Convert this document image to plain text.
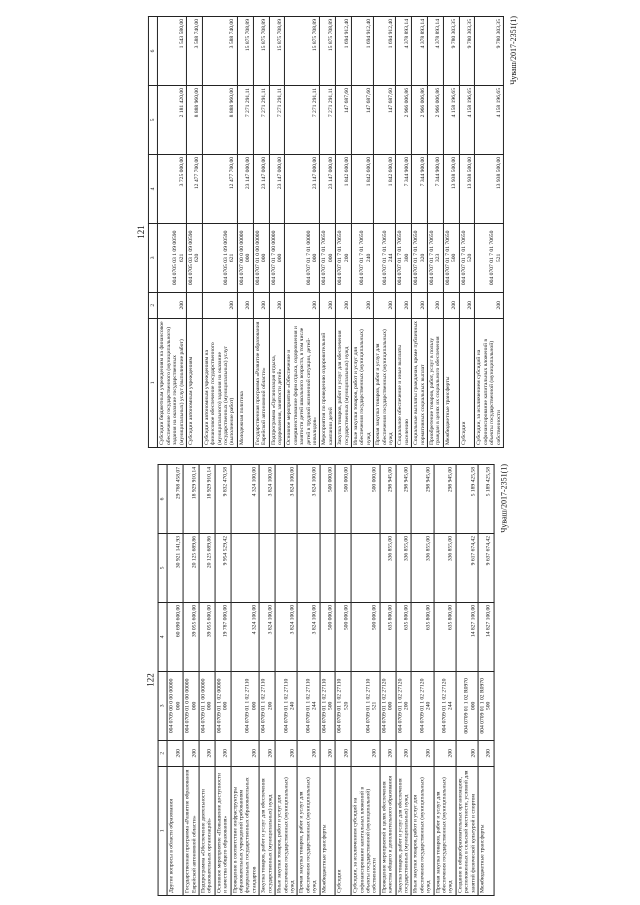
121
1	2	3	4	5	6
Субсидии бюджетным учреждениям на финансовое обеспечение государственного (муниципального) задания на оказание государственных (муниципальных) услуг (выполнение работ)	200	004 0705 03 1 09 00590 621	3 725 000,00	2 181 420,00	1 543 580,00
Субсидии автономным учреждениям		004 0705 03 1 09 00590 620	12 477 700,00	8 888 960,00	3 588 740,00
Субсидии автономным учреждениям на финансовое обеспечение государственного (муниципального) задания на оказание государственных (муниципальных) услуг (выполнение работ)	200	004 0705 03 1 09 00590 621	12 477 700,00	8 888 960,00	3 588 740,00
Молодежная политика	200	004 0707 00 0 00 00000 000	23 147 000,00	7 271 291,11	15 875 708,89
Государственная программа «Развитие образования Еврейской автономной области»	200	004 0707 01 0 00 00000 000	23 147 000,00	7 271 291,11	15 875 708,89
Подпрограмма «Организация отдыха, оздоровления, занятости детей»	200	004 0707 01 7 00 00000 000	23 147 000,00	7 271 291,11	15 875 708,89
Основное мероприятие «Обеспечение и совершенствование форм отдыха, оздоровления и занятости детей школьного возраста, в том числе детей в трудной жизненной ситуации, детей-инвалидов»	200	004 0707 01 7 01 00000 000	23 147 000,00	7 271 291,11	15 875 708,89
Мероприятия по проведению оздоровительной кампании детей	200	004 0707 01 7 01 70650 000	23 147 000,00	7 271 291,11	15 875 708,89
Закупка товаров, работ и услуг для обеспечения государственных (муниципальных) нужд	200	004 0707 01 7 01 70650 200	1 842 600,00	147 687,60	1 694 912,40
Иные закупки товаров, работ и услуг для обеспечения государственных (муниципальных) нужд	200	004 0707 01 7 01 70650 240	1 842 600,00	147 687,60	1 694 912,40
Прочая закупка товаров, работ и услуг для обеспечения государственных (муниципальных) нужд	200	004 0707 01 7 01 70650 244	1 842 600,00	147 687,60	1 694 912,40
Социальное обеспечение и иные выплаты населению	200	004 0707 01 7 01 70650 300	7 344 900,00	2 966 006,86	4 378 893,14
Социальные выплаты гражданам, кроме публичных нормативных социальных выплат	200	004 0707 01 7 01 70650 320	7 344 900,00	2 966 006,86	4 378 893,14
Приобретение товаров, работ, услуг в пользу граждан в целях их социального обеспечения	200	004 0707 01 7 01 70650 323	7 344 900,00	2 966 006,86	4 378 893,14
Межбюджетные трансферты	200	004 0707 01 7 01 70650 500	13 938 500,00	4 158 196,65	9 780 303,35
Субсидии	200	004 0707 01 7 01 70650 520	13 938 500,00	4 158 196,65	9 780 303,35
Субсидии, за исключением субсидий на софинансирование капитальных вложений в объекты государственной (муниципальной) собственности	200	004 0707 01 7 01 70650 521	13 938 500,00	4 158 196,65	9 780 303,35 Чуваш/2017-2351(1)
122
1	2	3	4	5	6
Другие вопросы в области образования	200	004 0709 00 0 00 00000 000	60 690 600,00	30 921 141,93	29 768 458,07
Государственная программа «Развитие образования Еврейской автономной области»	200	004 0709 01 0 00 00000 000	39 055 600,00	20 125 689,86	18 929 910,14
Подпрограмма «Обеспечение деятельности образовательных организаций»	200	004 0709 01 1 00 00000 000	39 055 600,00	20 125 689,86	18 929 910,14
Основное мероприятие «Повышение доступности и качества общего образования»	200	004 0709 01 1 02 00000 000	19 787 000,00	9 954 529,42	9 832 470,58
Проведение в соответствие инфраструктуры образовательных учреждений требованиям федеральных государственных образовательных стандартов	200	004 0709 01 1 02 27110 000	4 324 100,00		4 324 100,00
Закупка товаров, работ и услуг для обеспечения государственных (муниципальных) нужд	200	004 0709 01 1 02 27110 200	3 824 100,00		3 824 100,00
Иные закупки товаров, работ и услуг для обеспечения государственных (муниципальных) нужд	200	004 0709 01 1 02 27110 240	3 824 100,00		3 824 100,00
Прочая закупка товаров, работ и услуг для обеспечения государственных (муниципальных) нужд	200	004 0709 01 1 02 27110 244	3 824 100,00		3 824 100,00
Межбюджетные трансферты	200	004 0709 01 1 02 27110 500	500 000,00		500 000,00
Субсидии	200	004 0709 01 1 02 27110 520	500 000,00		500 000,00
Субсидии, за исключением субсидий на софинансирование капитальных вложений в объекты государственной (муниципальной) собственности	200	004 0709 01 1 02 27110 521	500 000,00		500 000,00
Проведение мероприятий в целях обеспечения качества общего и дополнительного образования	200	004 0709 01 1 02 27120 000	635 800,00	336 855,00	298 945,00
Закупка товаров, работ и услуг для обеспечения государственных (муниципальных) нужд	200	004 0709 01 1 02 27120 200	635 800,00	336 855,00	298 945,00
Иные закупки товаров, работ и услуг для обеспечения государственных (муниципальных) нужд	200	004 0709 01 1 02 27120 240	635 800,00	336 855,00	298 945,00
Прочая закупка товаров, работ и услуг для обеспечения государственных (муниципальных) нужд	200	004 0709 01 1 02 27120 244	635 800,00	336 855,00	298 945,00
Создание в общеобразовательных организациях, расположенных в сельской местности, условий для занятий физической культурой и спортом	200	004 0709 01 1 02 R0970 000	14 827 100,00	9 617 674,42	5 189 425,58
Межбюджетные трансферты	200	004 0709 01 1 02 R0970 500	14 827 100,00	9 637 674,42	5 189 425,58 Чуваш/2017-2351(1)
